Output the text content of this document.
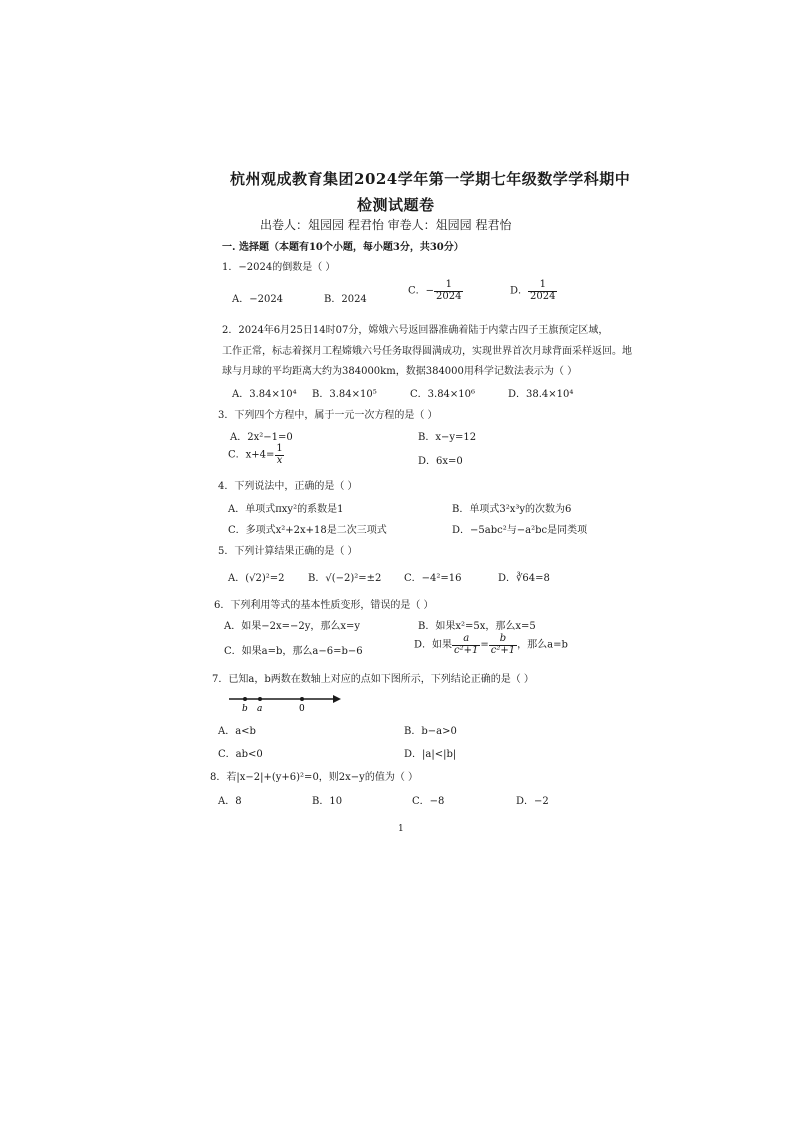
杭州观成教育集团2024学年第一学期七年级数学学科期中
检测试题卷
出卷人：俎园园 程君怡 审卷人：俎园园 程君怡
一. 选择题（本题有10个小题，每小题3分，共30分）
1．−2024的倒数是（ ）
A．−2024	B．2024
C．− $\frac{1}{2024}$	D． $\frac{1}{2024}$
2．2024年6月25日14时07分，嫦娥六号返回器准确着陆于内蒙古四子王旗预定区域，
工作正常，标志着探月工程嫦娥六号任务取得圆满成功，实现世界首次月球背面采样返回。地
球与月球的平均距离大约为384000km，数据384000用科学记数法表示为（ ）
A．3.84×10⁴ B．3.84×10⁵	C．3.84×10⁶	D．38.4×10⁴
3．下列四个方程中，属于一元一次方程的是（ ）
A．2x²−1=0	B．x−y=12
C．$x+4= \frac{1}{x}$	D．6x=0
4．下列说法中，正确的是（ ）
A．单项式πxy²的系数是1	B．单项式3²x³y的次数为6
C．多项式x²+2x+18是二次三项式	D．−5abc²与−a²bc是同类项
5．下列计算结果正确的是（ ）
A．(√2)²=2 B．√(−2)²=±2 C．−4²=16	D．∛64=8
6．下列利用等式的基本性质变形，错误的是（ ）
A．如果−2x=−2y，那么x=y	B．如果x²=5x，那么x=5
C．如果a=b，那么a−6=b−6
D．如果 $\frac{a}{\text{c²+1}} = \frac{b}{\text{c²+1}}$ ，那么a=b
7．已知a，b两数在数轴上对应的点如下图所示，下列结论正确的是（ ）
b a	0
A．a<b	B．b−a>0
C．ab<0	D．|a|<|b|
8．若|x−2|+(y+6)²=0，则2x−y的值为（ ）
A．8	B．10	C．−8	D．−2
1
